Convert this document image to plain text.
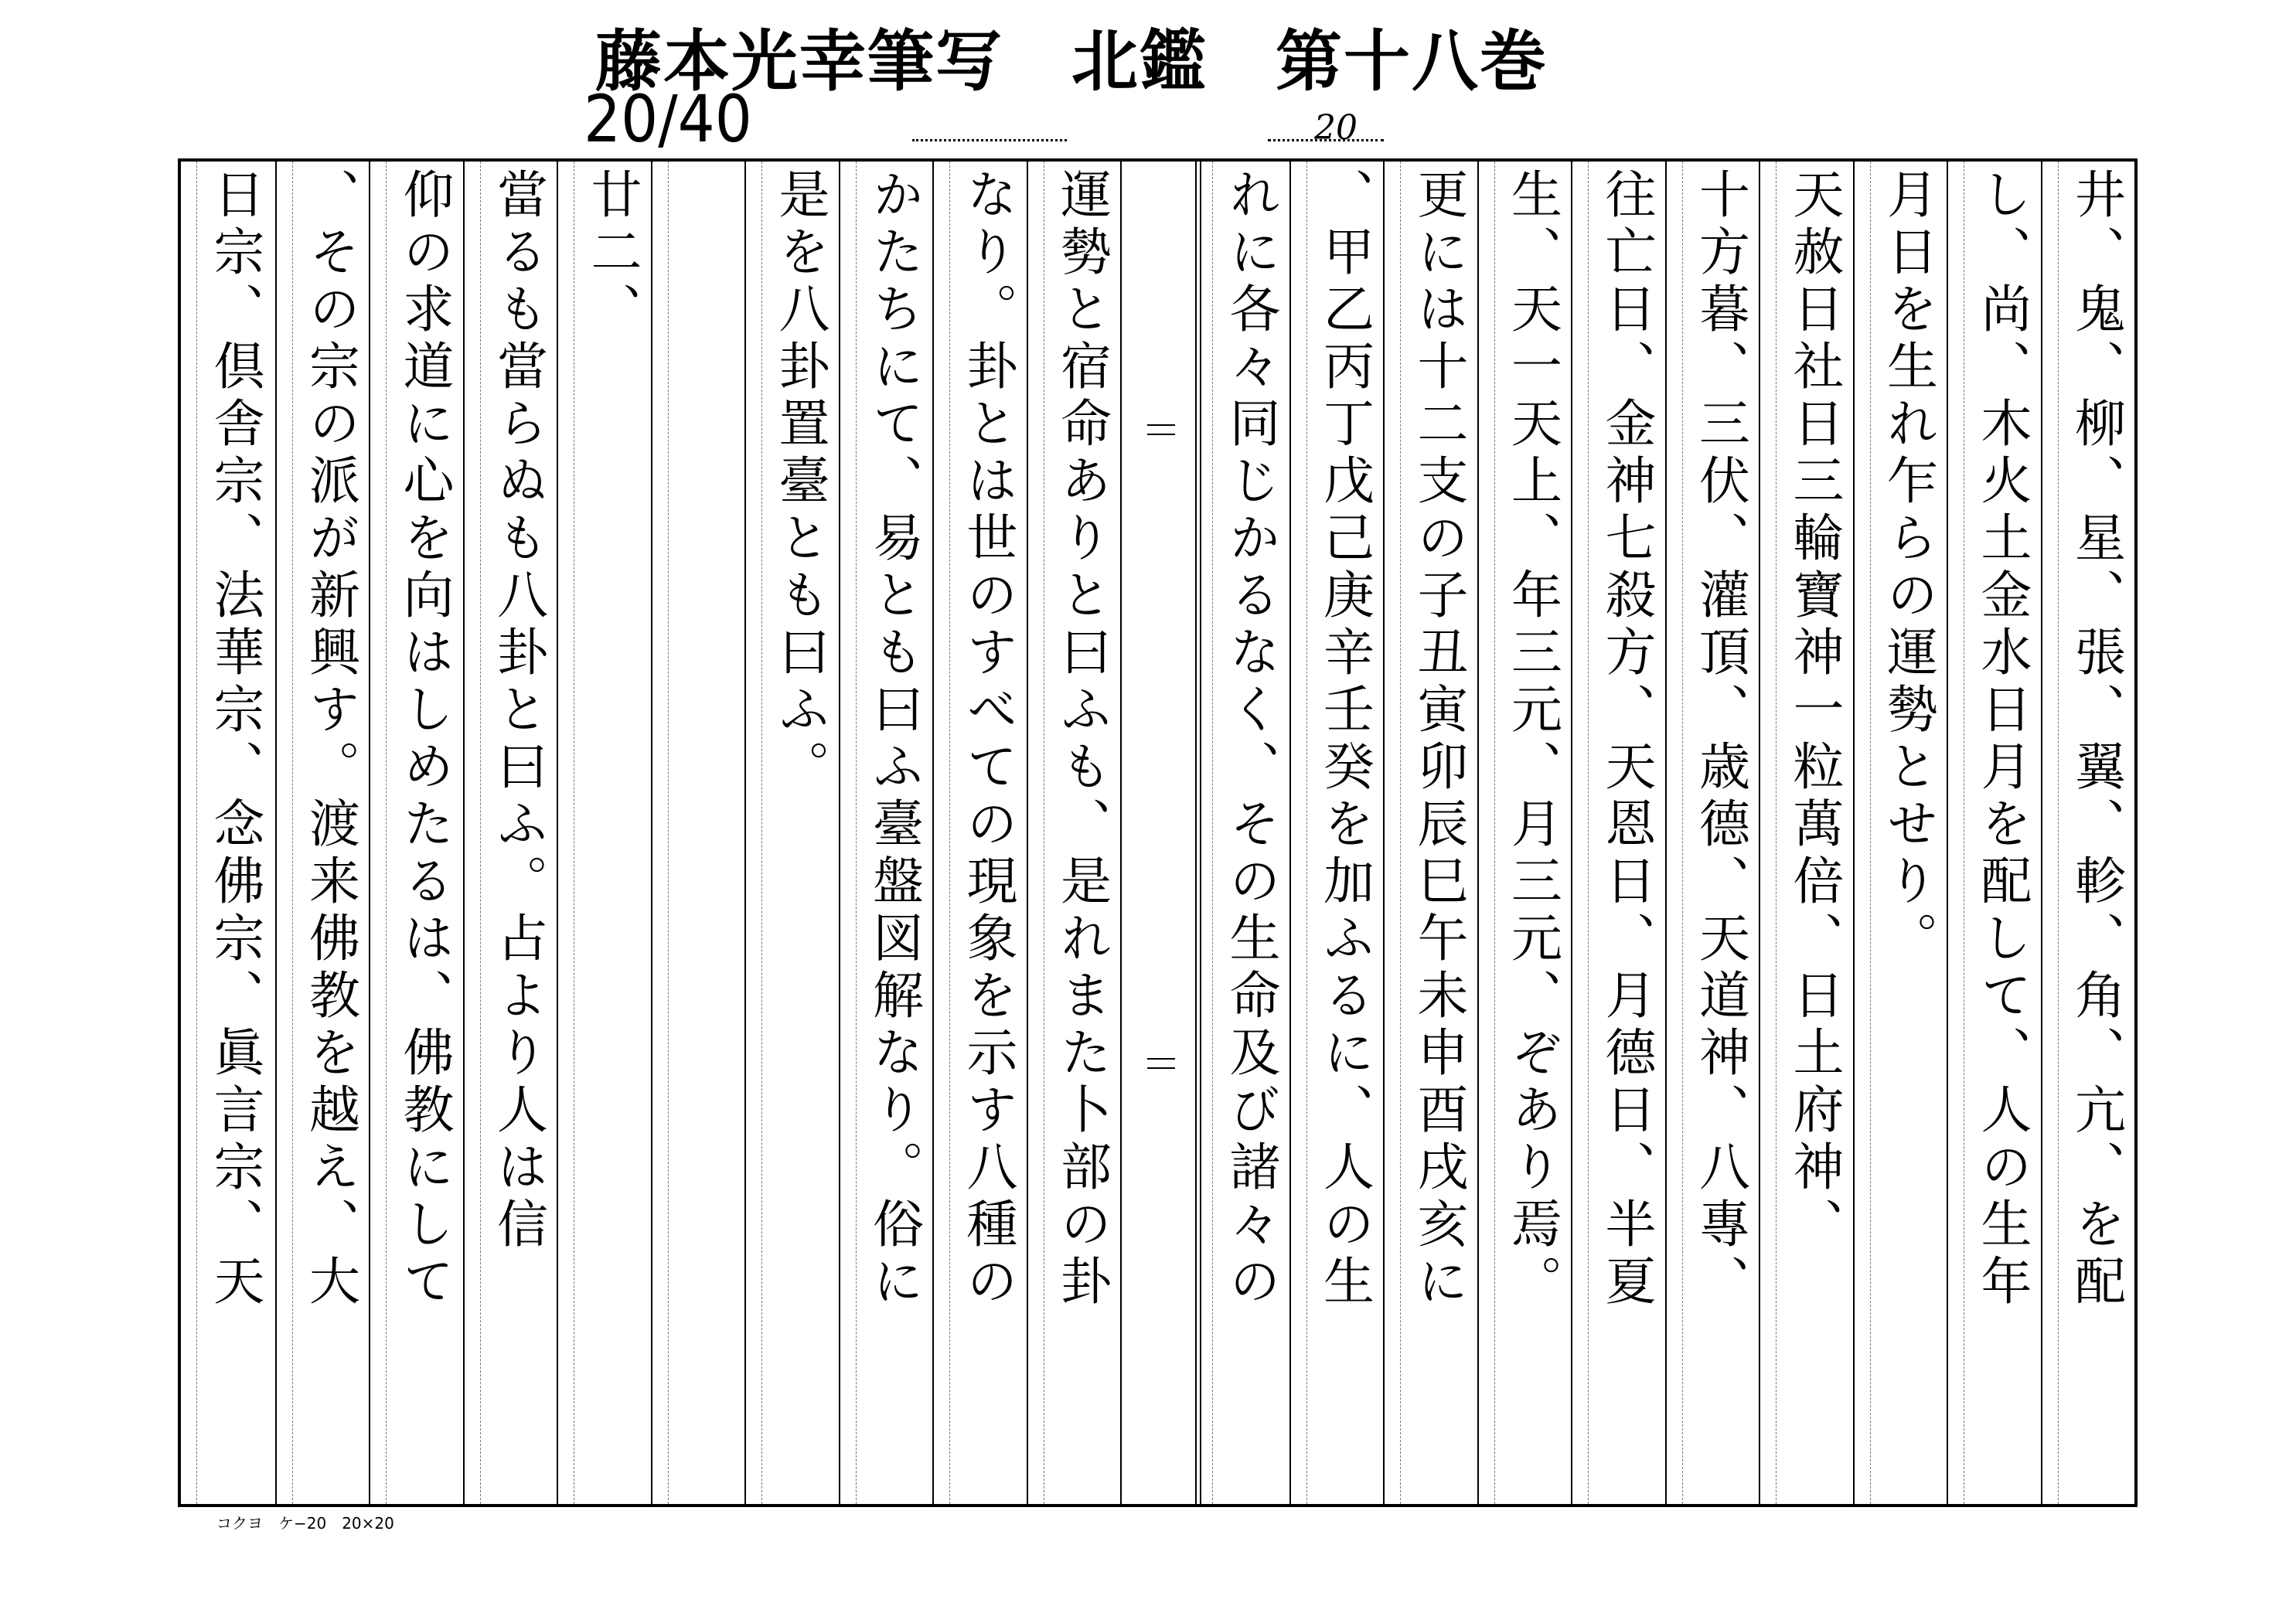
藤本光幸筆写　北鑑　第十八巻
20/40	20
井、鬼、柳、星、張、翼、軫、角、亢、を配
し、尚、木火土金水日月を配して、人の生年
月日を生れ乍らの運勢とせり。
天赦日社日三輪寶神一粒萬倍、日土府神、
十方暮、三伏、灌頂、歳德、天道神、八專、
往亡日、金神七殺方、天恩日、月德日、半夏
生、天一天上、年三元、月三元、ぞあり焉。
更には十二支の子丑寅卯辰巳午未申酉戌亥に
、甲乙丙丁戊己庚辛壬癸を加ふるに、人の生
れに各々同じかるなく、その生命及び諸々の
運勢と宿命ありと曰ふも、是れまた卜部の卦
なり。卦とは世のすべての現象を示す八種の
かたちにて、易とも曰ふ臺盤図解なり。俗に
是を八卦置臺とも曰ふ。
廿二、
當るも當らぬも八卦と曰ふ。占より人は信
仰の求道に心を向はしめたるは、佛教にして
、その宗の派が新興す。渡来佛教を越え、大
日宗、倶舎宗、法華宗、念佛宗、眞言宗、天
コクヨ　ケ−20　20×20
